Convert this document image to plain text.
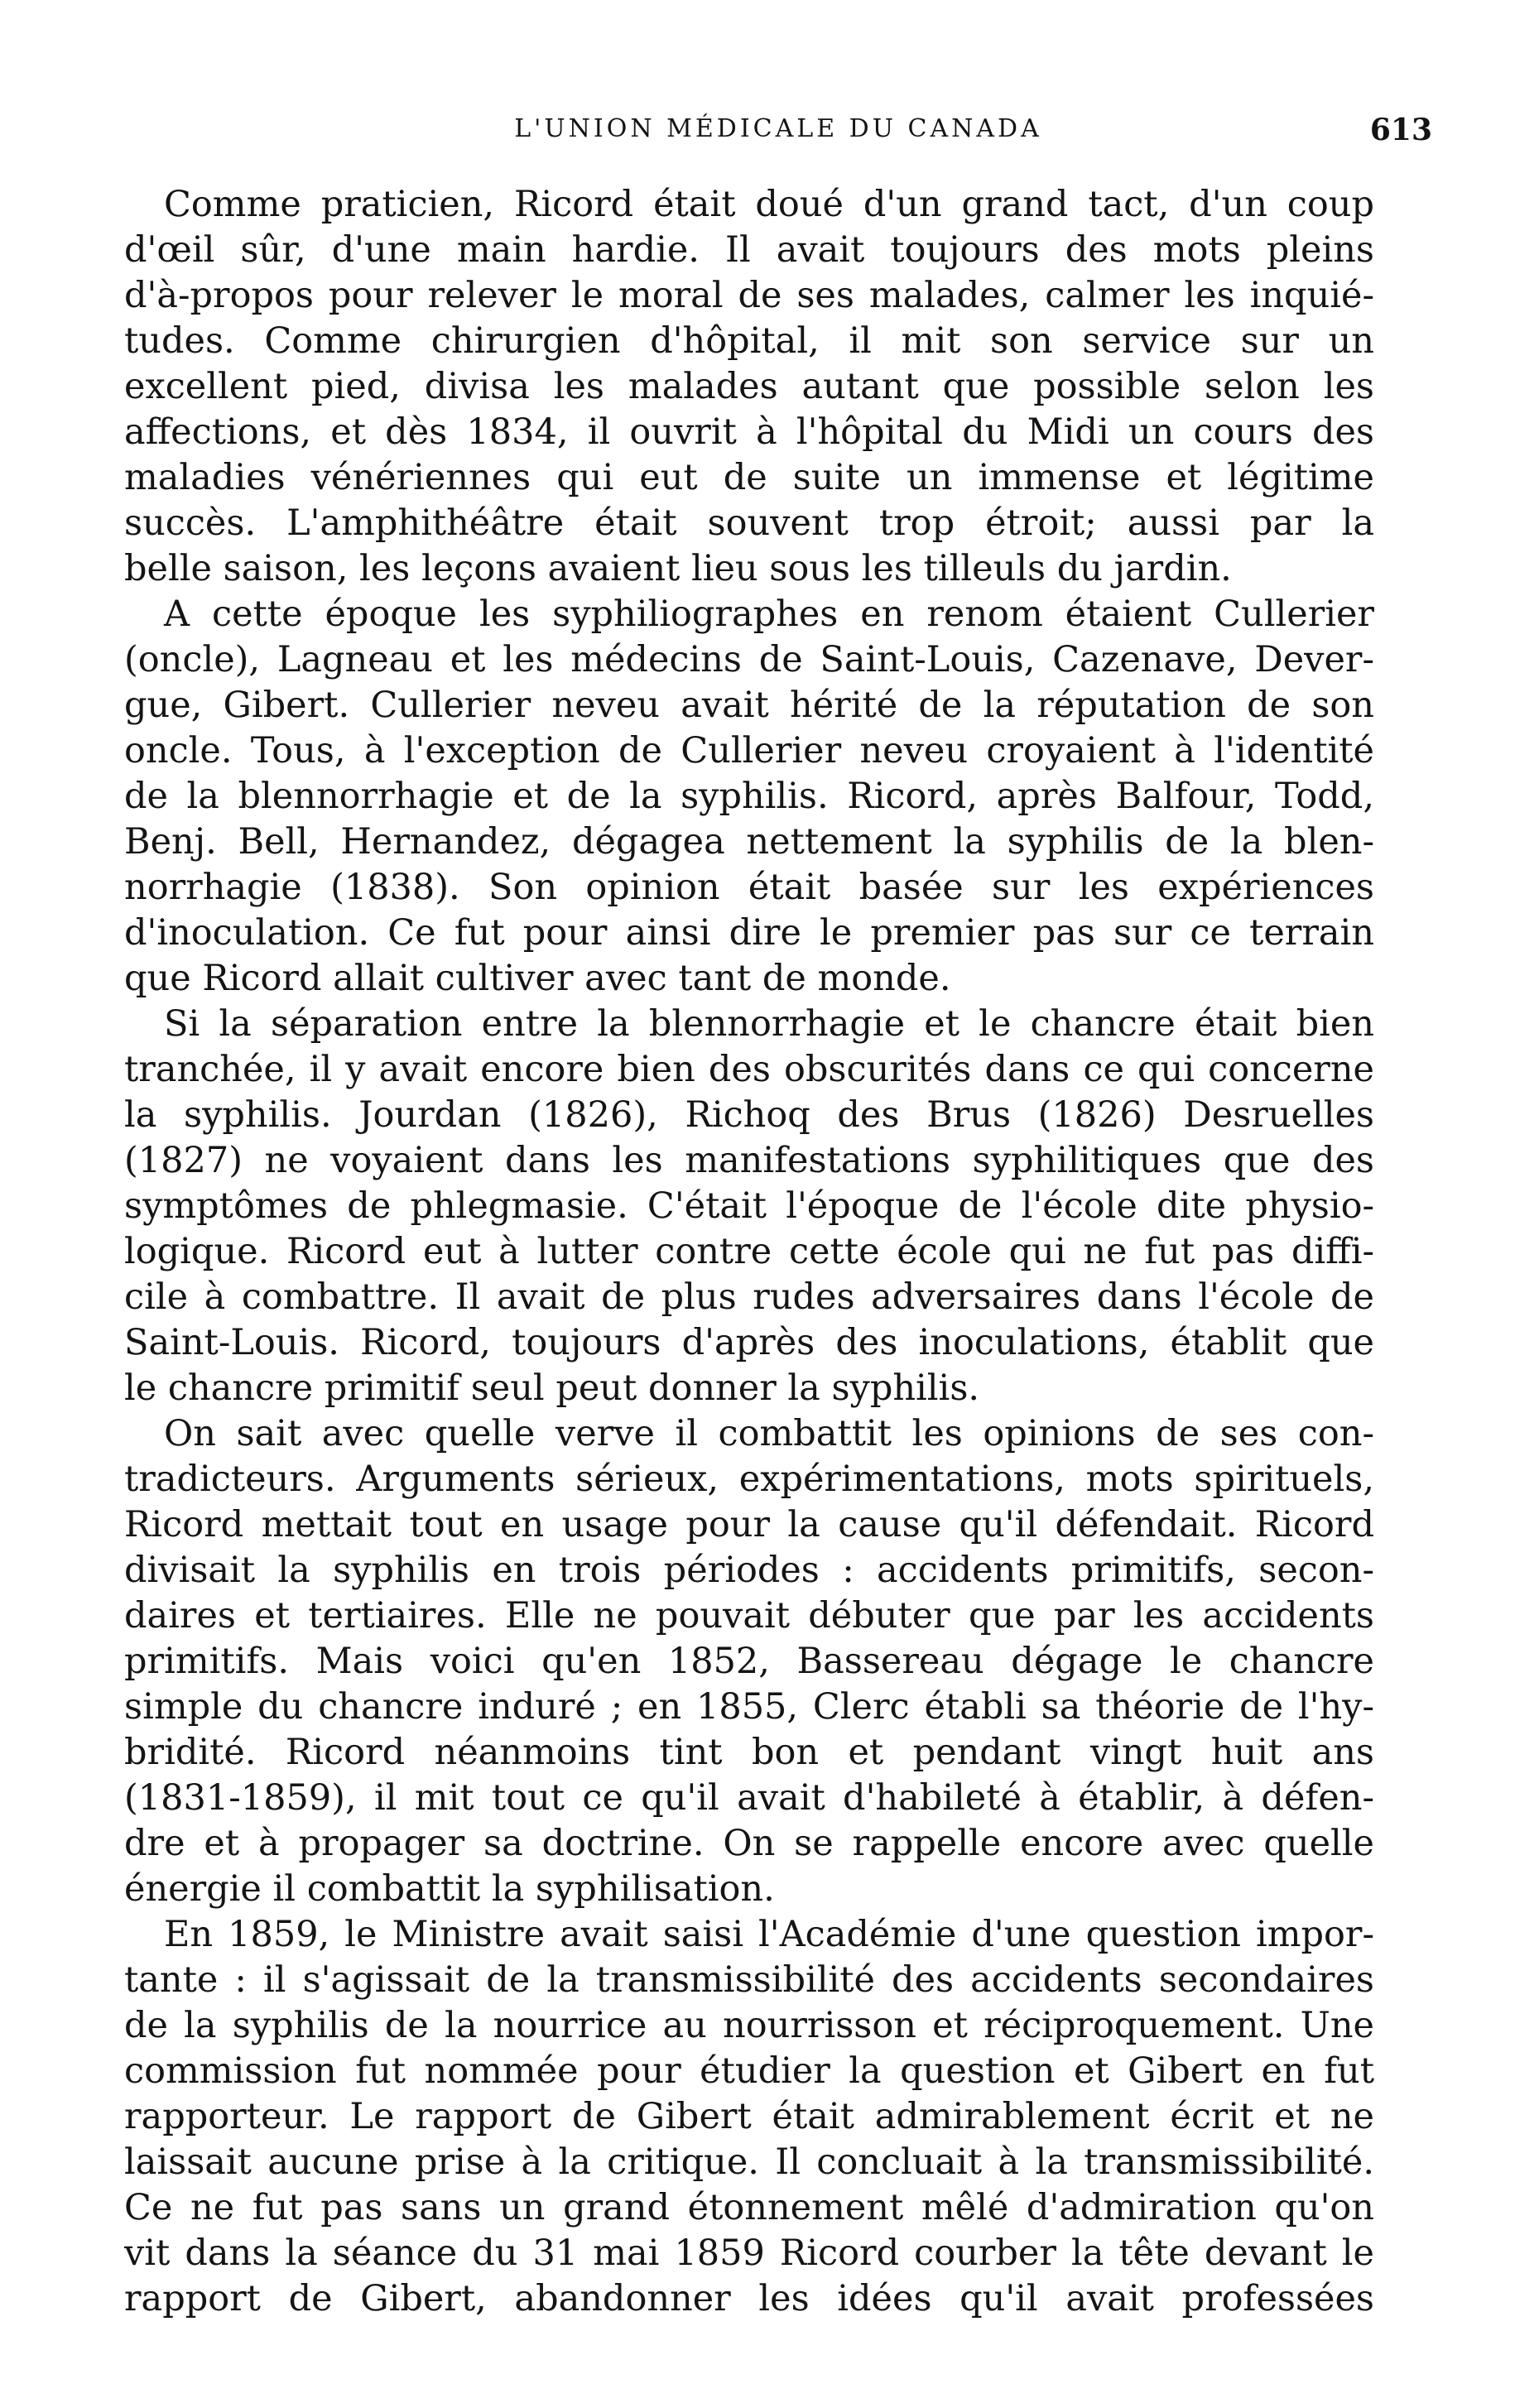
L'UNION MÉDICALE DU CANADA	613
Comme praticien, Ricord était doué d'un grand tact, d'un coup
d'œil sûr, d'une main hardie. Il avait toujours des mots pleins
d'à-propos pour relever le moral de ses malades, calmer les inquié-
tudes. Comme chirurgien d'hôpital, il mit son service sur un
excellent pied, divisa les malades autant que possible selon les
affections, et dès 1834, il ouvrit à l'hôpital du Midi un cours des
maladies vénériennes qui eut de suite un immense et légitime
succès. L'amphithéâtre était souvent trop étroit; aussi par la
belle saison, les leçons avaient lieu sous les tilleuls du jardin.
A cette époque les syphiliographes en renom étaient Cullerier
(oncle), Lagneau et les médecins de Saint-Louis, Cazenave, Dever-
gue, Gibert. Cullerier neveu avait hérité de la réputation de son
oncle. Tous, à l'exception de Cullerier neveu croyaient à l'identité
de la blennorrhagie et de la syphilis. Ricord, après Balfour, Todd,
Benj. Bell, Hernandez, dégagea nettement la syphilis de la blen-
norrhagie (1838). Son opinion était basée sur les expériences
d'inoculation. Ce fut pour ainsi dire le premier pas sur ce terrain
que Ricord allait cultiver avec tant de monde.
Si la séparation entre la blennorrhagie et le chancre était bien
tranchée, il y avait encore bien des obscurités dans ce qui concerne
la syphilis. Jourdan (1826), Richoq des Brus (1826) Desruelles
(1827) ne voyaient dans les manifestations syphilitiques que des
symptômes de phlegmasie. C'était l'époque de l'école dite physio-
logique. Ricord eut à lutter contre cette école qui ne fut pas diffi-
cile à combattre. Il avait de plus rudes adversaires dans l'école de
Saint-Louis. Ricord, toujours d'après des inoculations, établit que
le chancre primitif seul peut donner la syphilis.
On sait avec quelle verve il combattit les opinions de ses con-
tradicteurs. Arguments sérieux, expérimentations, mots spirituels,
Ricord mettait tout en usage pour la cause qu'il défendait. Ricord
divisait la syphilis en trois périodes : accidents primitifs, secon-
daires et tertiaires. Elle ne pouvait débuter que par les accidents
primitifs. Mais voici qu'en 1852, Bassereau dégage le chancre
simple du chancre induré ; en 1855, Clerc établi sa théorie de l'hy-
bridité. Ricord néanmoins tint bon et pendant vingt huit ans
(1831-1859), il mit tout ce qu'il avait d'habileté à établir, à défen-
dre et à propager sa doctrine. On se rappelle encore avec quelle
énergie il combattit la syphilisation.
En 1859, le Ministre avait saisi l'Académie d'une question impor-
tante : il s'agissait de la transmissibilité des accidents secondaires
de la syphilis de la nourrice au nourrisson et réciproquement. Une
commission fut nommée pour étudier la question et Gibert en fut
rapporteur. Le rapport de Gibert était admirablement écrit et ne
laissait aucune prise à la critique. Il concluait à la transmissibilité.
Ce ne fut pas sans un grand étonnement mêlé d'admiration qu'on
vit dans la séance du 31 mai 1859 Ricord courber la tête devant le
rapport de Gibert, abandonner les idées qu'il avait professées
